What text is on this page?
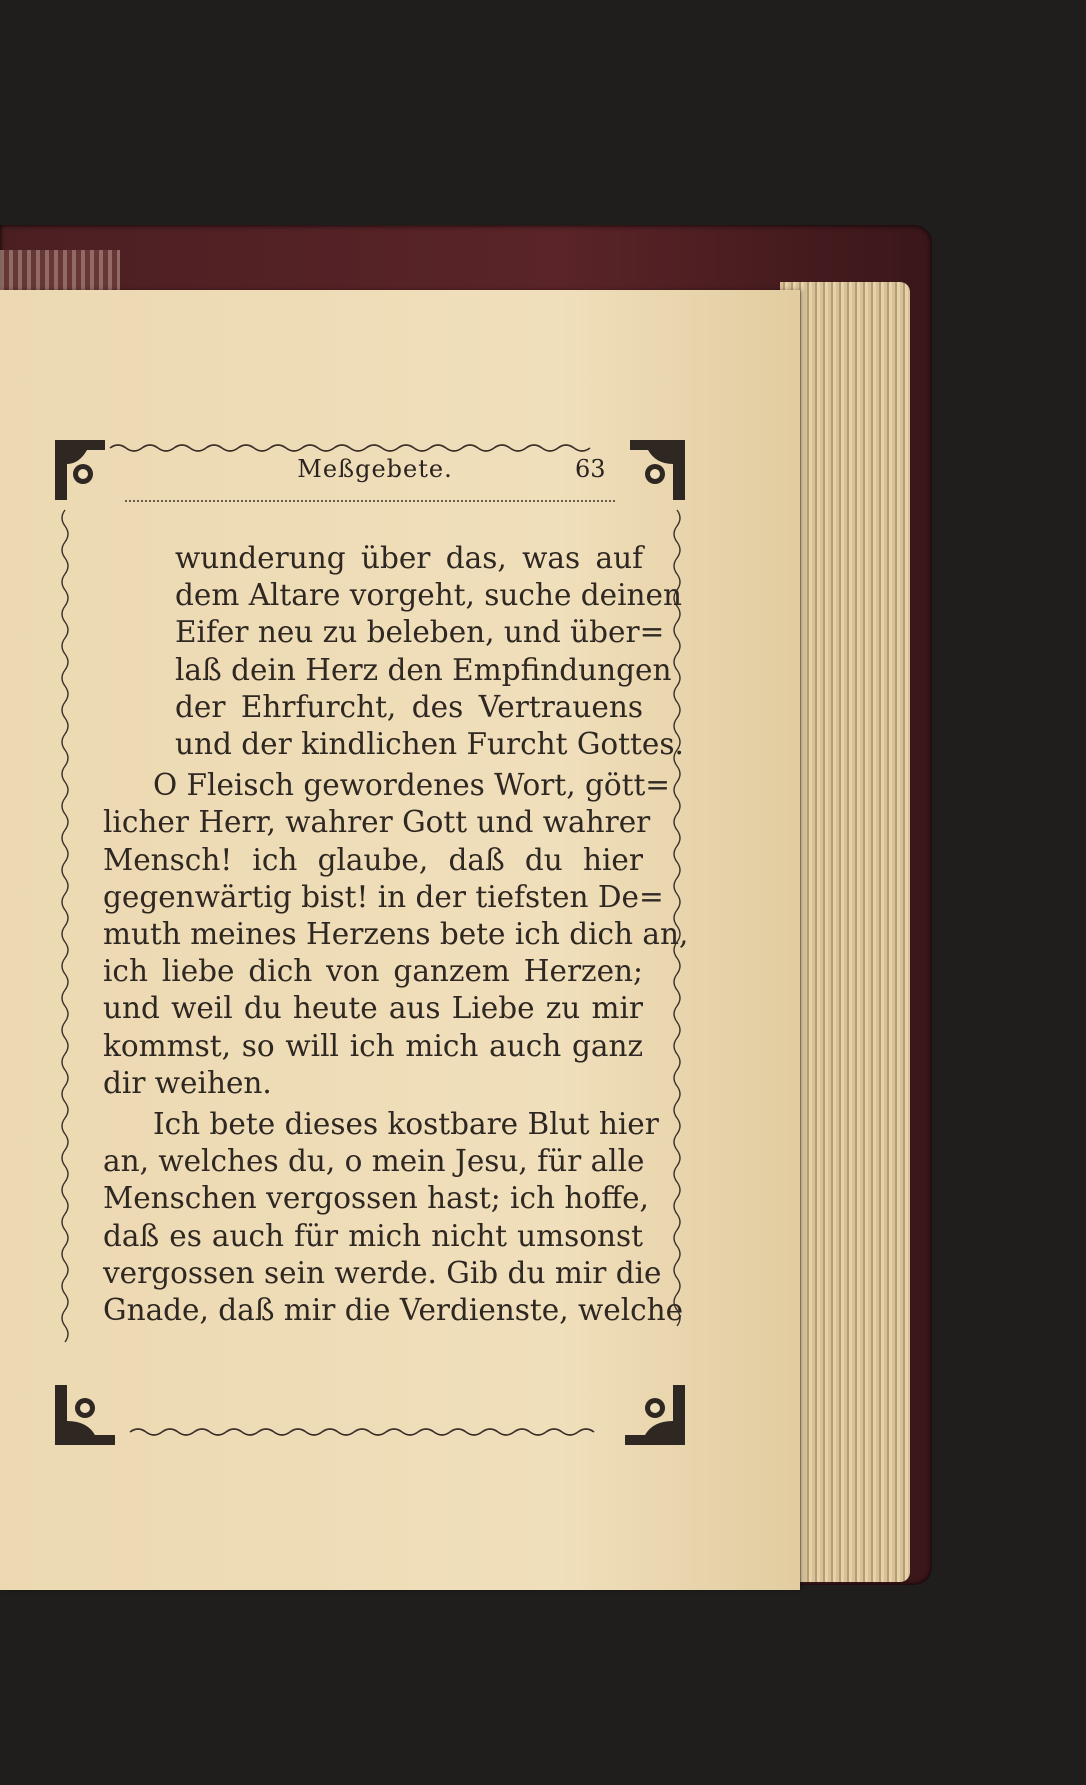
Meßgebete.	63

wunderung über das, was auf
dem Altare vorgeht, suche deinen
Eifer neu zu beleben, und über=
laß dein Herz den Empfindungen
der Ehrfurcht, des Vertrauens
und der kindlichen Furcht Gottes.

O Fleisch gewordenes Wort, gött=
licher Herr, wahrer Gott und wahrer
Mensch! ich glaube, daß du hier
gegenwärtig bist! in der tiefsten De=
muth meines Herzens bete ich dich an,
ich liebe dich von ganzem Herzen;
und weil du heute aus Liebe zu mir
kommst, so will ich mich auch ganz
dir weihen.

Ich bete dieses kostbare Blut hier
an, welches du, o mein Jesu, für alle
Menschen vergossen hast; ich hoffe,
daß es auch für mich nicht umsonst
vergossen sein werde. Gib du mir die
Gnade, daß mir die Verdienste, welche
